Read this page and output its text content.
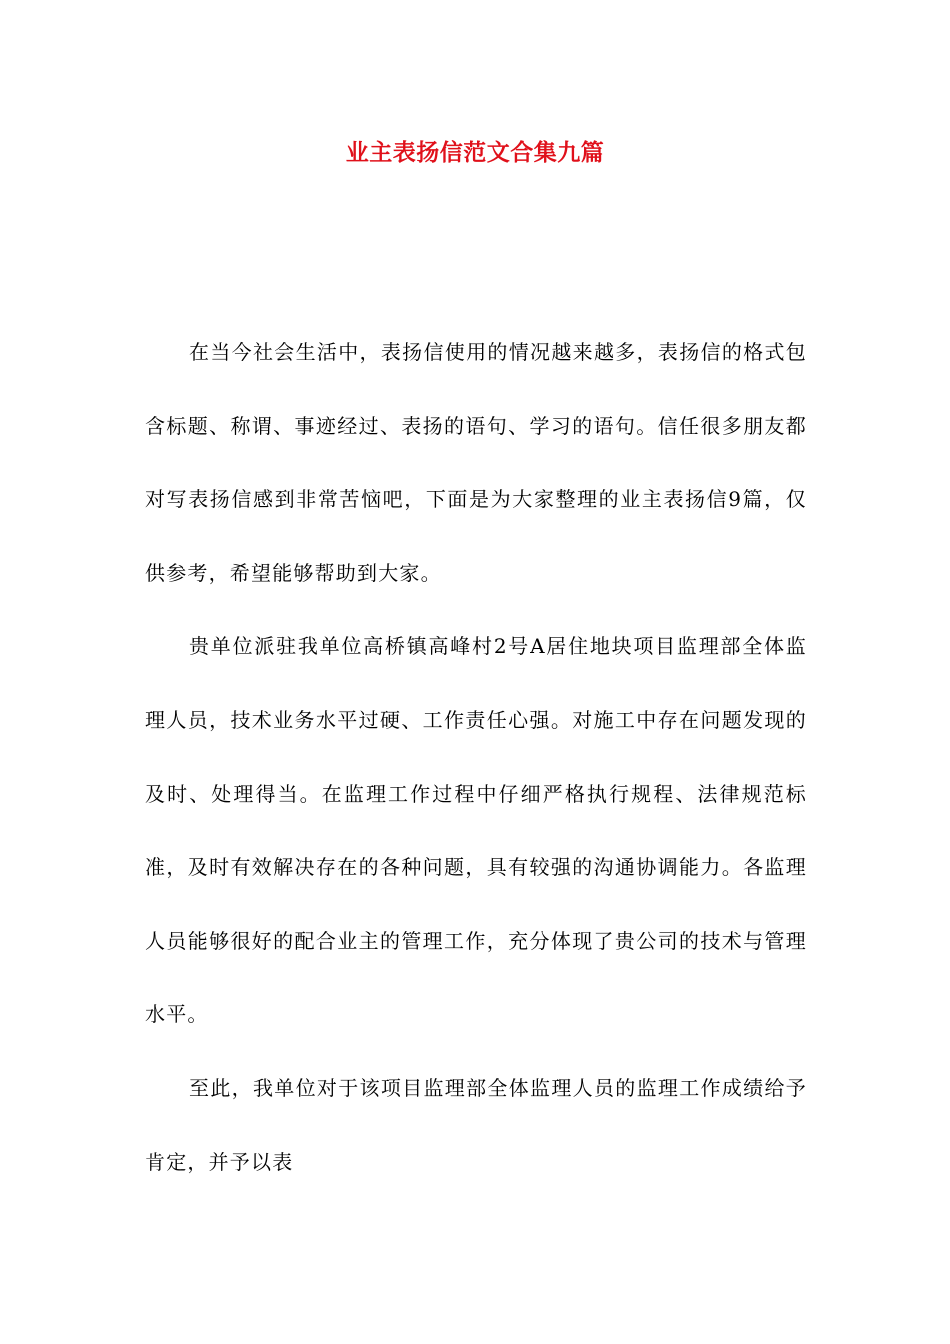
业主表扬信范文合集九篇

在当今社会生活中，表扬信使用的情况越来越多，表扬信的格式包含标题、称谓、事迹经过、表扬的语句、学习的语句。信任很多朋友都对写表扬信感到非常苦恼吧，下面是为大家整理的业主表扬信9篇，仅供参考，希望能够帮助到大家。

贵单位派驻我单位高桥镇高峰村2号A居住地块项目监理部全体监理人员，技术业务水平过硬、工作责任心强。对施工中存在问题发现的及时、处理得当。在监理工作过程中仔细严格执行规程、法律规范标准，及时有效解决存在的各种问题，具有较强的沟通协调能力。各监理人员能够很好的配合业主的管理工作，充分体现了贵公司的技术与管理水平。

至此，我单位对于该项目监理部全体监理人员的监理工作成绩给予肯定，并予以表
